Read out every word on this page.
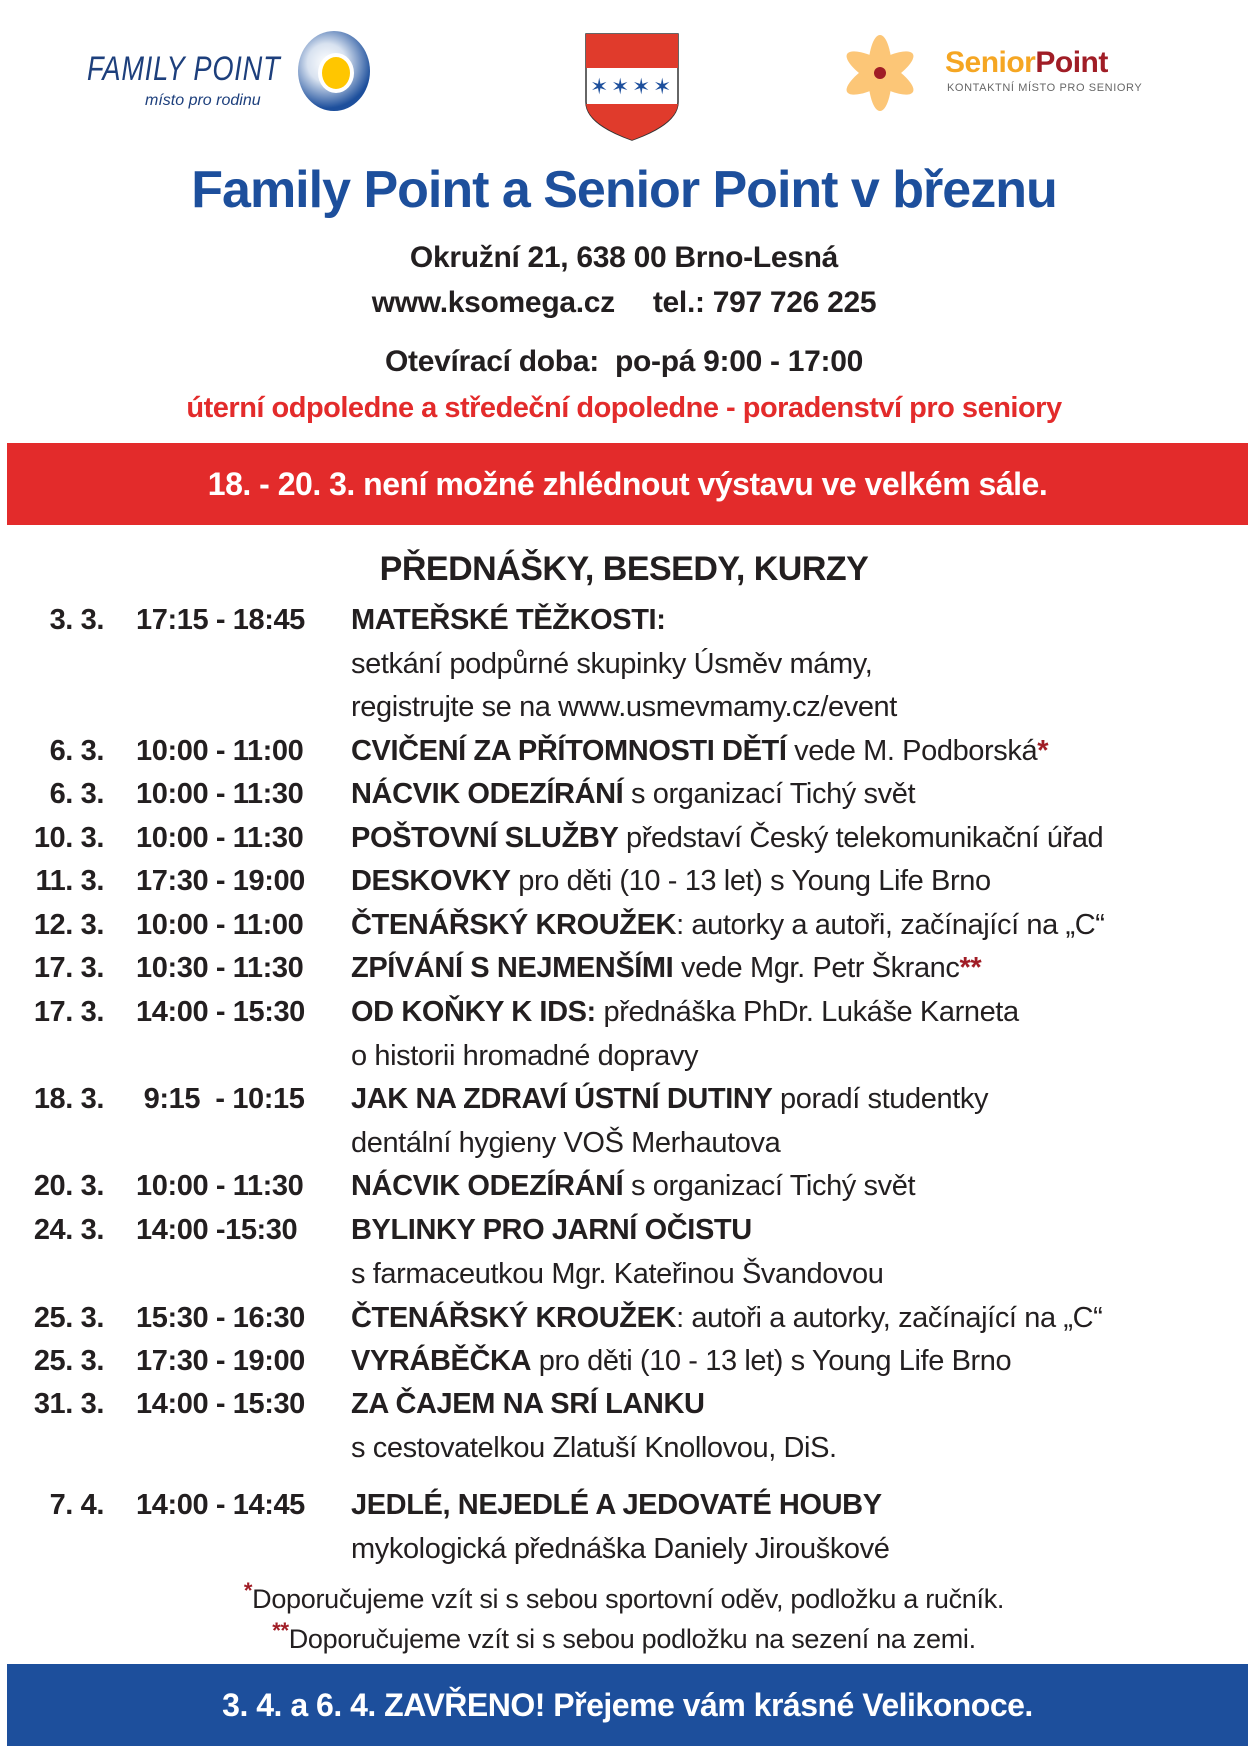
FAMILY POINT
místo pro rodinu
✶ ✶ ✶ ✶
SeniorPoint
KONTAKTNÍ MÍSTO PRO SENIORY
Family Point a Senior Point v březnu
Okružní 21, 638 00 Brno-Lesná
www.ksomega.cz tel.: 797 726 225
Otevírací doba:  po-pá 9:00 - 17:00
úterní odpoledne a středeční dopoledne - poradenství pro seniory
18. - 20. 3. není možné zhlédnout výstavu ve velkém sále.
PŘEDNÁŠKY, BESEDY, KURZY
3. 3. 17:15 - 18:45 MATEŘSKÉ TĚŽKOSTI:
setkání podpůrné skupinky Úsměv mámy,
registrujte se na www.usmevmamy.cz/event
6. 3. 10:00 - 11:00 CVIČENÍ ZA PŘÍTOMNOSTI DĚTÍ vede M. Podborská*
6. 3. 10:00 - 11:30 NÁCVIK ODEZÍRÁNÍ s organizací Tichý svět
10. 3. 10:00 - 11:30 POŠTOVNÍ SLUŽBY představí Český telekomunikační úřad
11. 3. 17:30 - 19:00 DESKOVKY pro děti (10 - 13 let) s Young Life Brno
12. 3. 10:00 - 11:00 ČTENÁŘSKÝ KROUŽEK: autorky a autoři, začínající na „C“
17. 3. 10:30 - 11:30 ZPÍVÁNÍ S NEJMENŠÍMI vede Mgr. Petr Škranc**
17. 3. 14:00 - 15:30 OD KOŇKY K IDS: přednáška PhDr. Lukáše Karneta
o historii hromadné dopravy
18. 3. 9:15  - 10:15 JAK NA ZDRAVÍ ÚSTNÍ DUTINY poradí studentky
dentální hygieny VOŠ Merhautova
20. 3. 10:00 - 11:30 NÁCVIK ODEZÍRÁNÍ s organizací Tichý svět
24. 3. 14:00 -15:30 BYLINKY PRO JARNÍ OČISTU
s farmaceutkou Mgr. Kateřinou Švandovou
25. 3. 15:30 - 16:30 ČTENÁŘSKÝ KROUŽEK: autoři a autorky, začínající na „C“
25. 3. 17:30 - 19:00 VYRÁBĚČKA pro děti (10 - 13 let) s Young Life Brno
31. 3. 14:00 - 15:30 ZA ČAJEM NA SRÍ LANKU
s cestovatelkou Zlatuší Knollovou, DiS.
7. 4. 14:00 - 14:45 JEDLÉ, NEJEDLÉ A JEDOVATÉ HOUBY
mykologická přednáška Daniely Jirouškové
*Doporučujeme vzít si s sebou sportovní oděv, podložku a ručník.
**Doporučujeme vzít si s sebou podložku na sezení na zemi.
3. 4. a 6. 4. ZAVŘENO! Přejeme vám krásné Velikonoce.
